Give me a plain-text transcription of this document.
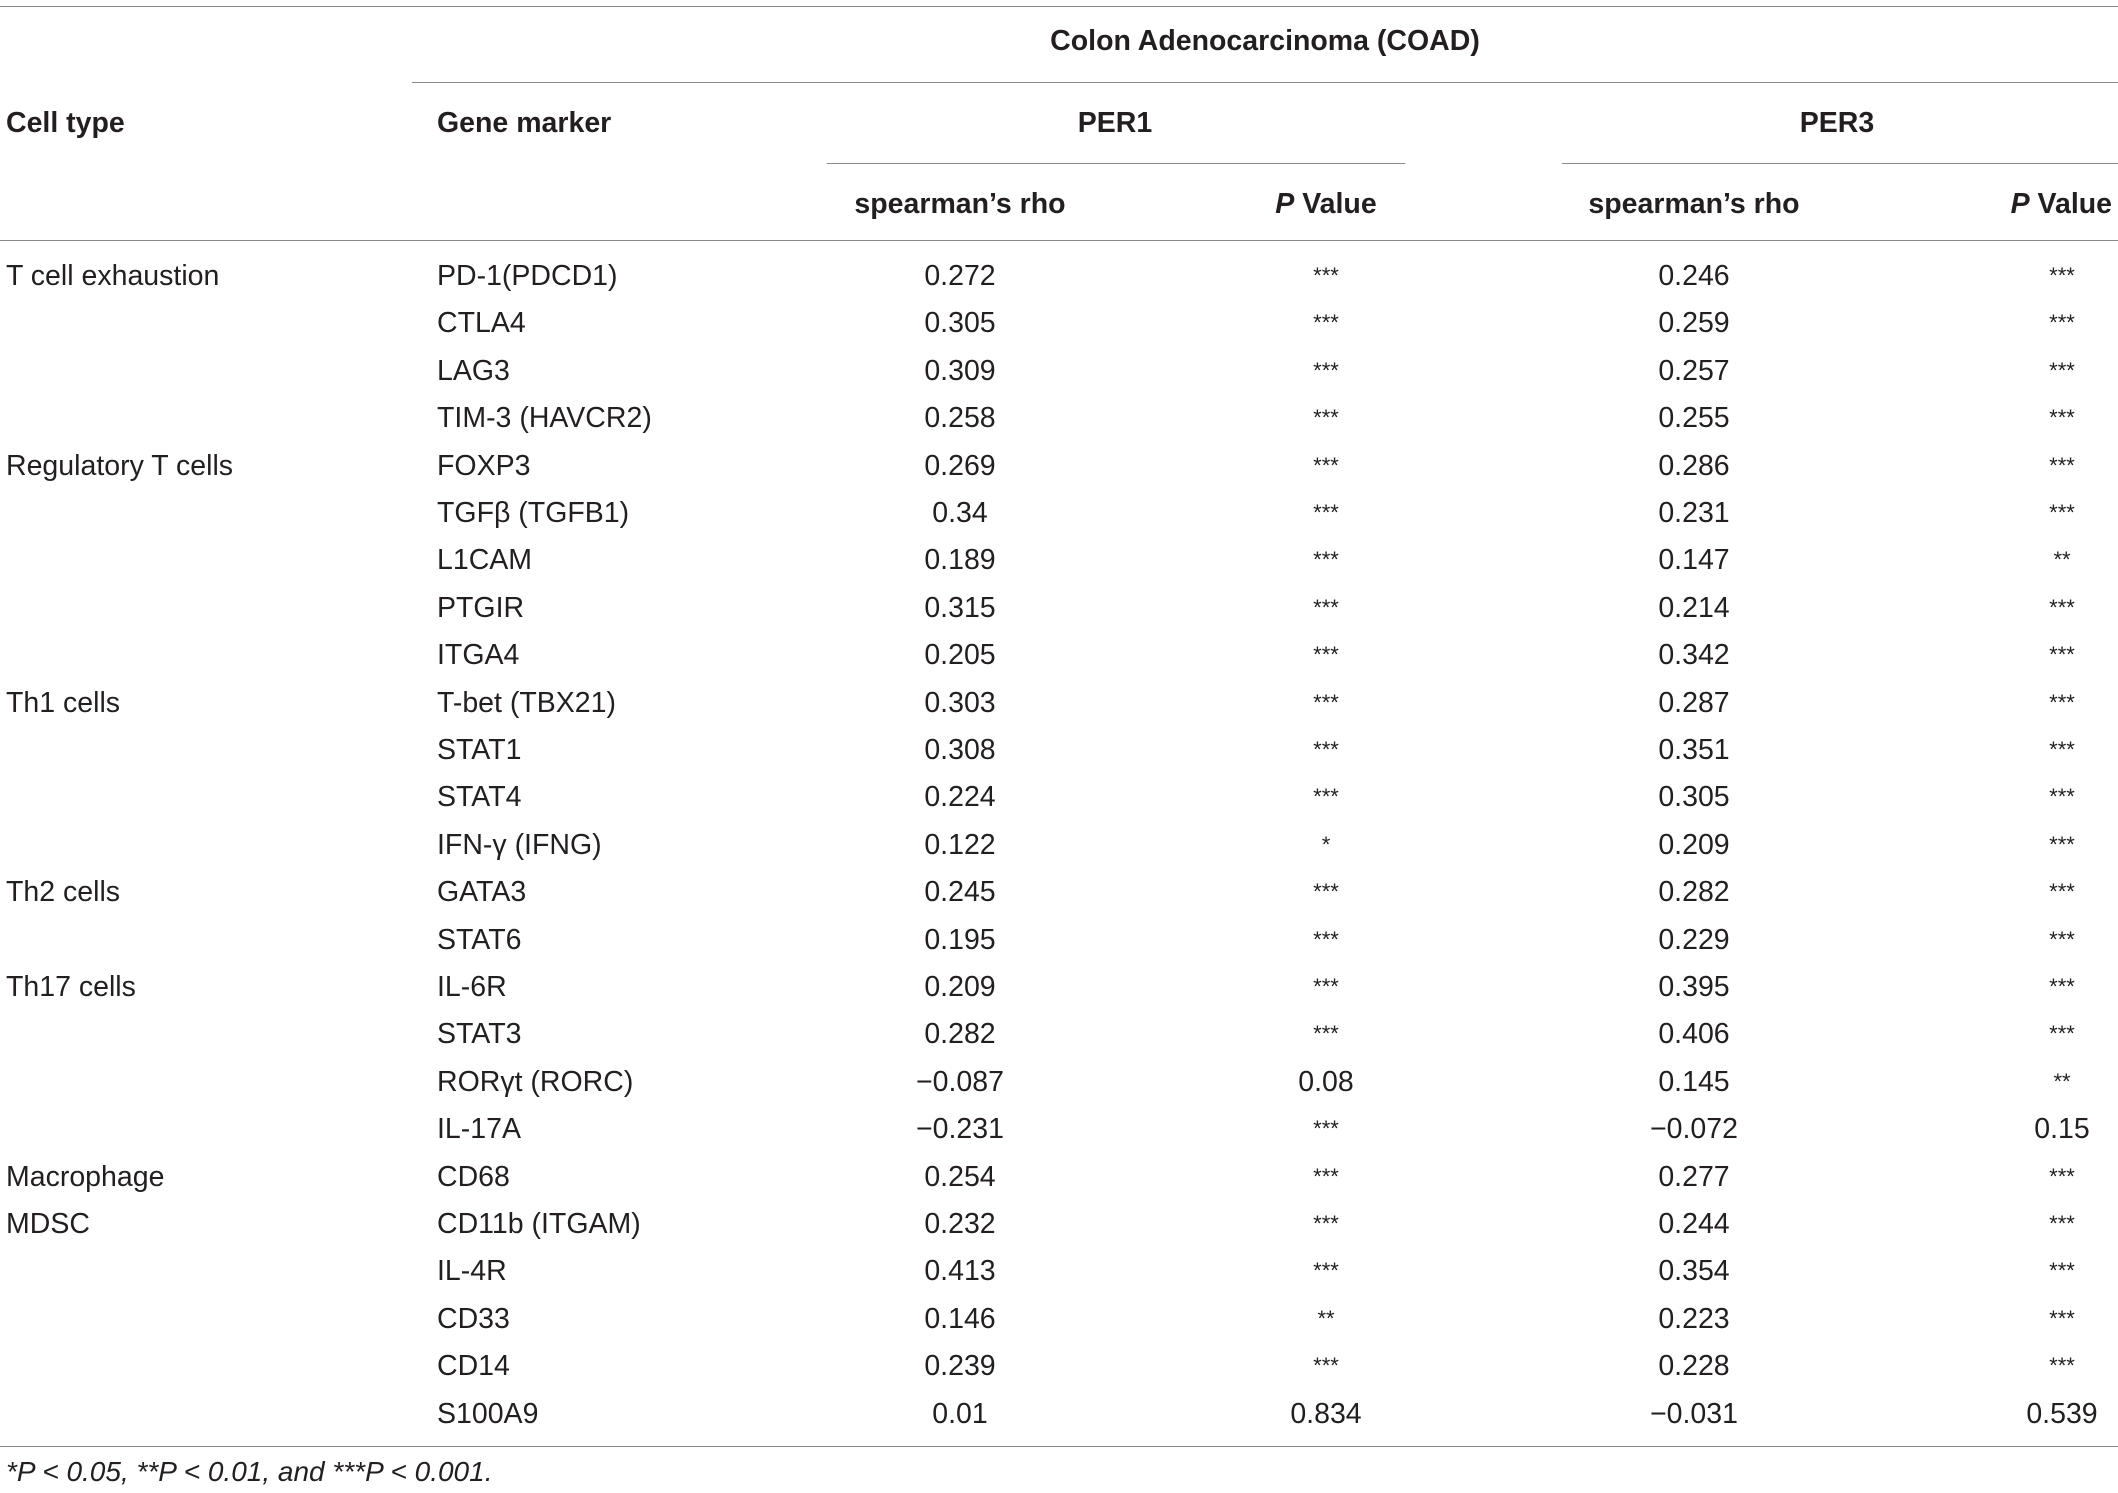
Colon Adenocarcinoma (COAD)
Cell type	Gene marker	PER1	PER3
spearman’s rho	P Value	spearman’s rho	P Value
T cell exhaustion	PD-1(PDCD1)	0.272	***	0.246	***
CTLA4	0.305	***	0.259	***
LAG3	0.309	***	0.257	***
TIM-3 (HAVCR2)	0.258	***	0.255	***
Regulatory T cells	FOXP3	0.269	***	0.286	***
TGFβ (TGFB1)	0.34	***	0.231	***
L1CAM	0.189	***	0.147	**
PTGIR	0.315	***	0.214	***
ITGA4	0.205	***	0.342	***
Th1 cells	T-bet (TBX21)	0.303	***	0.287	***
STAT1	0.308	***	0.351	***
STAT4	0.224	***	0.305	***
IFN-γ (IFNG)	0.122	*	0.209	***
Th2 cells	GATA3	0.245	***	0.282	***
STAT6	0.195	***	0.229	***
Th17 cells	IL-6R	0.209	***	0.395	***
STAT3	0.282	***	0.406	***
RORγt (RORC)	−0.087	0.08	0.145	**
IL-17A	−0.231	***	−0.072	0.15
Macrophage	CD68	0.254	***	0.277	***
MDSC	CD11b (ITGAM)	0.232	***	0.244	***
IL-4R	0.413	***	0.354	***
CD33	0.146	**	0.223	***
CD14	0.239	***	0.228	***
S100A9	0.01	0.834	−0.031	0.539
*P < 0.05, **P < 0.01, and ***P < 0.001.
